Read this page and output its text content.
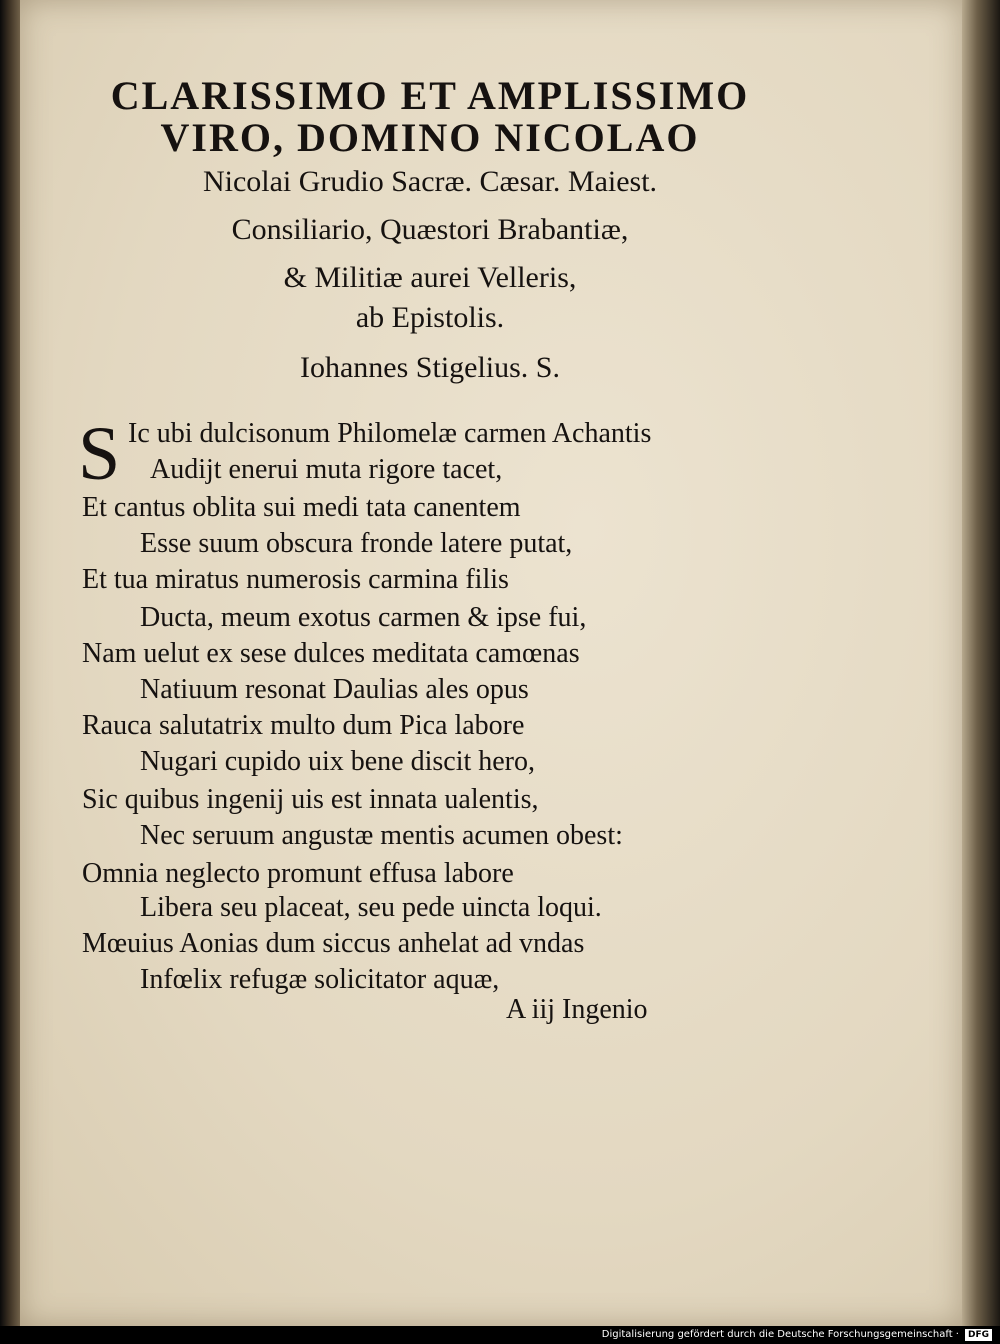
CLARISSIMO ET AMPLISSIMO
VIRO, DOMINO NICOLAO
Nicolai Grudio Sacræ. Cæsar. Maiest.
Consiliario, Quæstori Brabantiæ,
& Militiæ aurei Velleris,
ab Epistolis.
Iohannes Stigelius. S.
S Ic ubi dulcisonum Philomelæ carmen Achantis
Audijt enerui muta rigore tacet,
Et cantus oblita sui medi tata canentem
Esse suum obscura fronde latere putat,
Et tua miratus numerosis carmina filis
Ducta, meum exotus carmen & ipse fui,
Nam uelut ex sese dulces meditata camœnas
Natiuum resonat Daulias ales opus
Rauca salutatrix multo dum Pica labore
Nugari cupido uix bene discit hero,
Sic quibus ingenij uis est innata ualentis,
Nec seruum angustæ mentis acumen obest:
Omnia neglecto promunt effusa labore
Libera seu placeat, seu pede uincta loqui.
Mœuius Aonias dum siccus anhelat ad vndas
Infœlix refugæ solicitator aquæ,
A iij Ingenio
Digitalisierung gefördert durch die Deutsche Forschungsgemeinschaft · DFG
